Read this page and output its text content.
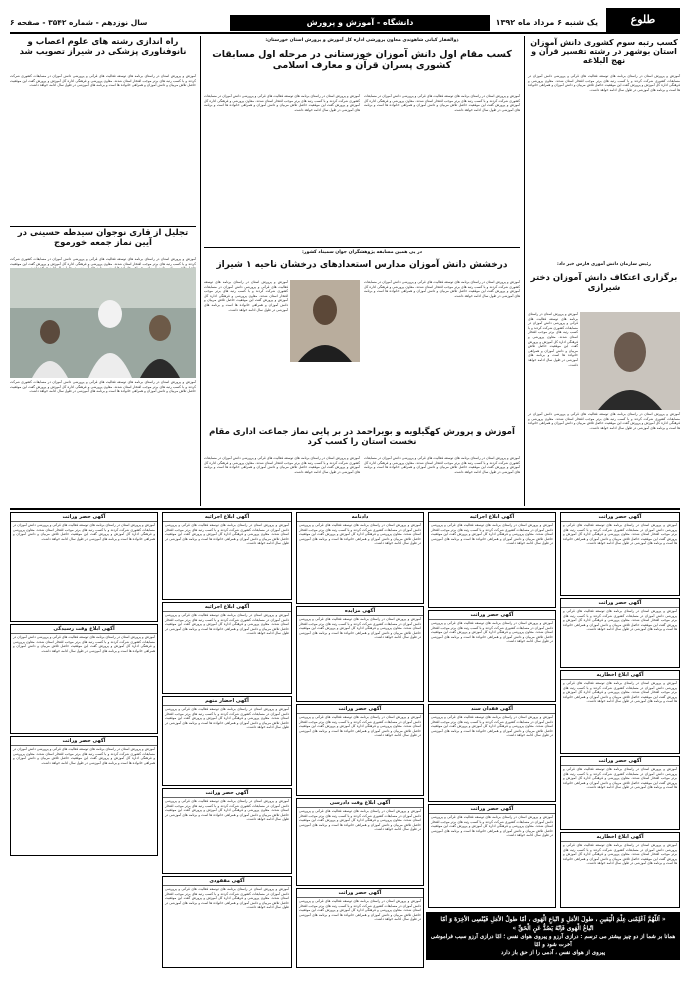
طلوع
یک شنبه ۶ مرداد ماه ۱۳۹۲
دانشگاه - آموزش و پرورش
سال نوزدهم - شماره ۳۵۴۲ - صفحه ۶
کسب رتبه سوم کشوری دانش آموزان استان بوشهر در رشته تفسیر قرآن و نهج البلاغه
آموزش و پرورش استان در راستای برنامه های توسعه فعالیت های قرآنی و پرورشی دانش آموزان در مسابقات کشوری شرکت کردند و با کسب رتبه های برتر موجب افتخار استان شدند. معاون پرورشی و فرهنگی اداره کل آموزش و پرورش گفت این موفقیت حاصل تلاش مربیان و دانش آموزان و همراهی خانواده ها است و برنامه های آموزشی در طول سال ادامه خواهد داشت.
رئیس سازمان دانش آموزی فارس خبر داد:
برگزاری اعتکاف دانش آموزان دختر شیرازی
آموزش و پرورش استان در راستای برنامه های توسعه فعالیت های قرآنی و پرورشی دانش آموزان در مسابقات کشوری شرکت کردند و با کسب رتبه های برتر موجب افتخار استان شدند. معاون پرورشی و فرهنگی اداره کل آموزش و پرورش گفت این موفقیت حاصل تلاش مربیان و دانش آموزان و همراهی خانواده ها است و برنامه های آموزشی در طول سال ادامه خواهد داشت.
آموزش و پرورش استان در راستای برنامه های توسعه فعالیت های قرآنی و پرورشی دانش آموزان در مسابقات کشوری شرکت کردند و با کسب رتبه های برتر موجب افتخار استان شدند. معاون پرورشی و فرهنگی اداره کل آموزش و پرورش گفت این موفقیت حاصل تلاش مربیان و دانش آموزان و همراهی خانواده ها است و برنامه های آموزشی در طول سال ادامه خواهد داشت.
ذوالفقار کیانی شاهوندی معاون پرورشی اداره کل آموزش و پرورش استان خوزستان:
کسب مقام اول دانش آموزان خوزستانی در مرحله اول مسابقات کشوری پسران قرآن و معارف اسلامی
آموزش و پرورش استان در راستای برنامه های توسعه فعالیت های قرآنی و پرورشی دانش آموزان در مسابقات کشوری شرکت کردند و با کسب رتبه های برتر موجب افتخار استان شدند. معاون پرورشی و فرهنگی اداره کل آموزش و پرورش گفت این موفقیت حاصل تلاش مربیان و دانش آموزان و همراهی خانواده ها است و برنامه های آموزشی در طول سال ادامه خواهد داشت.
آموزش و پرورش استان در راستای برنامه های توسعه فعالیت های قرآنی و پرورشی دانش آموزان در مسابقات کشوری شرکت کردند و با کسب رتبه های برتر موجب افتخار استان شدند. معاون پرورشی و فرهنگی اداره کل آموزش و پرورش گفت این موفقیت حاصل تلاش مربیان و دانش آموزان و همراهی خانواده ها است و برنامه های آموزشی در طول سال ادامه خواهد داشت.
در پی همین مسابقه پژوهشگران جوان سمیناد کشور:
درخشش دانش آموزان مدارس استعدادهای درخشان ناحیه ۱ شیراز
آموزش و پرورش استان در راستای برنامه های توسعه فعالیت های قرآنی و پرورشی دانش آموزان در مسابقات کشوری شرکت کردند و با کسب رتبه های برتر موجب افتخار استان شدند. معاون پرورشی و فرهنگی اداره کل آموزش و پرورش گفت این موفقیت حاصل تلاش مربیان و دانش آموزان و همراهی خانواده ها است و برنامه های آموزشی در طول سال ادامه خواهد داشت.
آموزش و پرورش استان در راستای برنامه های توسعه فعالیت های قرآنی و پرورشی دانش آموزان در مسابقات کشوری شرکت کردند و با کسب رتبه های برتر موجب افتخار استان شدند. معاون پرورشی و فرهنگی اداره کل آموزش و پرورش گفت این موفقیت حاصل تلاش مربیان و دانش آموزان و همراهی خانواده ها است و برنامه های آموزشی در طول سال ادامه خواهد داشت.
آموزش و پرورش کهگیلویه و بویراحمد در بر پایی نماز جماعت اداری مقام نخست استان را کسب کرد
آموزش و پرورش استان در راستای برنامه های توسعه فعالیت های قرآنی و پرورشی دانش آموزان در مسابقات کشوری شرکت کردند و با کسب رتبه های برتر موجب افتخار استان شدند. معاون پرورشی و فرهنگی اداره کل آموزش و پرورش گفت این موفقیت حاصل تلاش مربیان و دانش آموزان و همراهی خانواده ها است و برنامه های آموزشی در طول سال ادامه خواهد داشت.
آموزش و پرورش استان در راستای برنامه های توسعه فعالیت های قرآنی و پرورشی دانش آموزان در مسابقات کشوری شرکت کردند و با کسب رتبه های برتر موجب افتخار استان شدند. معاون پرورشی و فرهنگی اداره کل آموزش و پرورش گفت این موفقیت حاصل تلاش مربیان و دانش آموزان و همراهی خانواده ها است و برنامه های آموزشی در طول سال ادامه خواهد داشت.
راه اندازی رشته های علوم اعصاب و نانوفناوری پزشکی در شیراز تصویب شد
آموزش و پرورش استان در راستای برنامه های توسعه فعالیت های قرآنی و پرورشی دانش آموزان در مسابقات کشوری شرکت کردند و با کسب رتبه های برتر موجب افتخار استان شدند. معاون پرورشی و فرهنگی اداره کل آموزش و پرورش گفت این موفقیت حاصل تلاش مربیان و دانش آموزان و همراهی خانواده ها است و برنامه های آموزشی در طول سال ادامه خواهد داشت.
تجلیل از قاری نوجوان سیدطه حسینی در آیین نماز جمعه خورموج
آموزش و پرورش استان در راستای برنامه های توسعه فعالیت های قرآنی و پرورشی دانش آموزان در مسابقات کشوری شرکت کردند و با کسب رتبه های برتر موجب افتخار استان شدند. معاون پرورشی و فرهنگی اداره کل آموزش و پرورش گفت این موفقیت
آموزش و پرورش استان در راستای برنامه های توسعه فعالیت های قرآنی و پرورشی دانش آموزان در مسابقات کشوری شرکت کردند و با کسب رتبه های برتر موجب افتخار استان شدند. معاون پرورشی و فرهنگی اداره کل آموزش و پرورش گفت این موفقیت حاصل تلاش مربیان و دانش آموزان و همراهی خانواده ها است و برنامه های آموزشی در طول سال ادامه خواهد داشت.
آگهی حصر وراثت
آموزش و پرورش استان در راستای برنامه های توسعه فعالیت های قرآنی و پرورشی دانش آموزان در مسابقات کشوری شرکت کردند و با کسب رتبه های برتر موجب افتخار استان شدند. معاون پرورشی و فرهنگی اداره کل آموزش و پرورش گفت این موفقیت حاصل تلاش مربیان و دانش آموزان و همراهی خانواده ها است و برنامه های آموزشی در طول سال ادامه خواهد داشت.
آگهی حصر وراثت
آموزش و پرورش استان در راستای برنامه های توسعه فعالیت های قرآنی و پرورشی دانش آموزان در مسابقات کشوری شرکت کردند و با کسب رتبه های برتر موجب افتخار استان شدند. معاون پرورشی و فرهنگی اداره کل آموزش و پرورش گفت این موفقیت حاصل تلاش مربیان و دانش آموزان و همراهی خانواده ها است و برنامه های آموزشی در طول سال ادامه خواهد داشت.
آگهی ابلاغ اخطاریه
آموزش و پرورش استان در راستای برنامه های توسعه فعالیت های قرآنی و پرورشی دانش آموزان در مسابقات کشوری شرکت کردند و با کسب رتبه های برتر موجب افتخار استان شدند. معاون پرورشی و فرهنگی اداره کل آموزش و پرورش گفت این موفقیت حاصل تلاش مربیان و دانش آموزان و همراهی خانواده ها است و برنامه های آموزشی در طول سال ادامه خواهد داشت.
آگهی حصر وراثت
آموزش و پرورش استان در راستای برنامه های توسعه فعالیت های قرآنی و پرورشی دانش آموزان در مسابقات کشوری شرکت کردند و با کسب رتبه های برتر موجب افتخار استان شدند. معاون پرورشی و فرهنگی اداره کل آموزش و پرورش گفت این موفقیت حاصل تلاش مربیان و دانش آموزان و همراهی خانواده ها است و برنامه های آموزشی در طول سال ادامه خواهد داشت.
آگهی ابلاغ اخطاریه
آموزش و پرورش استان در راستای برنامه های توسعه فعالیت های قرآنی و پرورشی دانش آموزان در مسابقات کشوری شرکت کردند و با کسب رتبه های برتر موجب افتخار استان شدند. معاون پرورشی و فرهنگی اداره کل آموزش و پرورش گفت این موفقیت حاصل تلاش مربیان و دانش آموزان و همراهی خانواده ها است و برنامه های آموزشی در طول سال ادامه خواهد داشت.
آگهی ابلاغ اجرائیه
آموزش و پرورش استان در راستای برنامه های توسعه فعالیت های قرآنی و پرورشی دانش آموزان در مسابقات کشوری شرکت کردند و با کسب رتبه های برتر موجب افتخار استان شدند. معاون پرورشی و فرهنگی اداره کل آموزش و پرورش گفت این موفقیت حاصل تلاش مربیان و دانش آموزان و همراهی خانواده ها است و برنامه های آموزشی در طول سال ادامه خواهد داشت.
آگهی حصر وراثت
آموزش و پرورش استان در راستای برنامه های توسعه فعالیت های قرآنی و پرورشی دانش آموزان در مسابقات کشوری شرکت کردند و با کسب رتبه های برتر موجب افتخار استان شدند. معاون پرورشی و فرهنگی اداره کل آموزش و پرورش گفت این موفقیت حاصل تلاش مربیان و دانش آموزان و همراهی خانواده ها است و برنامه های آموزشی در طول سال ادامه خواهد داشت.
آگهی فقدان سند
آموزش و پرورش استان در راستای برنامه های توسعه فعالیت های قرآنی و پرورشی دانش آموزان در مسابقات کشوری شرکت کردند و با کسب رتبه های برتر موجب افتخار استان شدند. معاون پرورشی و فرهنگی اداره کل آموزش و پرورش گفت این موفقیت حاصل تلاش مربیان و دانش آموزان و همراهی خانواده ها است و برنامه های آموزشی در طول سال ادامه خواهد داشت.
آگهی حصر وراثت
آموزش و پرورش استان در راستای برنامه های توسعه فعالیت های قرآنی و پرورشی دانش آموزان در مسابقات کشوری شرکت کردند و با کسب رتبه های برتر موجب افتخار استان شدند. معاون پرورشی و فرهنگی اداره کل آموزش و پرورش گفت این موفقیت حاصل تلاش مربیان و دانش آموزان و همراهی خانواده ها است و برنامه های آموزشی در طول سال ادامه خواهد داشت.
دادنامه
آموزش و پرورش استان در راستای برنامه های توسعه فعالیت های قرآنی و پرورشی دانش آموزان در مسابقات کشوری شرکت کردند و با کسب رتبه های برتر موجب افتخار استان شدند. معاون پرورشی و فرهنگی اداره کل آموزش و پرورش گفت این موفقیت حاصل تلاش مربیان و دانش آموزان و همراهی خانواده ها است و برنامه های آموزشی در طول سال ادامه خواهد داشت.
آگهی مزایده
آموزش و پرورش استان در راستای برنامه های توسعه فعالیت های قرآنی و پرورشی دانش آموزان در مسابقات کشوری شرکت کردند و با کسب رتبه های برتر موجب افتخار استان شدند. معاون پرورشی و فرهنگی اداره کل آموزش و پرورش گفت این موفقیت حاصل تلاش مربیان و دانش آموزان و همراهی خانواده ها است و برنامه های آموزشی در طول سال ادامه خواهد داشت.
آگهی حصر وراثت
آموزش و پرورش استان در راستای برنامه های توسعه فعالیت های قرآنی و پرورشی دانش آموزان در مسابقات کشوری شرکت کردند و با کسب رتبه های برتر موجب افتخار استان شدند. معاون پرورشی و فرهنگی اداره کل آموزش و پرورش گفت این موفقیت حاصل تلاش مربیان و دانش آموزان و همراهی خانواده ها است و برنامه های آموزشی در طول سال ادامه خواهد داشت.
آگهی ابلاغ وقت دادرسی
آموزش و پرورش استان در راستای برنامه های توسعه فعالیت های قرآنی و پرورشی دانش آموزان در مسابقات کشوری شرکت کردند و با کسب رتبه های برتر موجب افتخار استان شدند. معاون پرورشی و فرهنگی اداره کل آموزش و پرورش گفت این موفقیت حاصل تلاش مربیان و دانش آموزان و همراهی خانواده ها است و برنامه های آموزشی در طول سال ادامه خواهد داشت.
آگهی حصر وراثت
آموزش و پرورش استان در راستای برنامه های توسعه فعالیت های قرآنی و پرورشی دانش آموزان در مسابقات کشوری شرکت کردند و با کسب رتبه های برتر موجب افتخار استان شدند. معاون پرورشی و فرهنگی اداره کل آموزش و پرورش گفت این موفقیت حاصل تلاش مربیان و دانش آموزان و همراهی خانواده ها است و برنامه های آموزشی در طول سال ادامه خواهد داشت.
آگهی ابلاغ اجرائیه
آموزش و پرورش استان در راستای برنامه های توسعه فعالیت های قرآنی و پرورشی دانش آموزان در مسابقات کشوری شرکت کردند و با کسب رتبه های برتر موجب افتخار استان شدند. معاون پرورشی و فرهنگی اداره کل آموزش و پرورش گفت این موفقیت حاصل تلاش مربیان و دانش آموزان و همراهی خانواده ها است و برنامه های آموزشی در طول سال ادامه خواهد داشت.
آگهی ابلاغ اجرائیه
آموزش و پرورش استان در راستای برنامه های توسعه فعالیت های قرآنی و پرورشی دانش آموزان در مسابقات کشوری شرکت کردند و با کسب رتبه های برتر موجب افتخار استان شدند. معاون پرورشی و فرهنگی اداره کل آموزش و پرورش گفت این موفقیت حاصل تلاش مربیان و دانش آموزان و همراهی خانواده ها است و برنامه های آموزشی در طول سال ادامه خواهد داشت.
آگهی احضار متهم
آموزش و پرورش استان در راستای برنامه های توسعه فعالیت های قرآنی و پرورشی دانش آموزان در مسابقات کشوری شرکت کردند و با کسب رتبه های برتر موجب افتخار استان شدند. معاون پرورشی و فرهنگی اداره کل آموزش و پرورش گفت این موفقیت حاصل تلاش مربیان و دانش آموزان و همراهی خانواده ها است و برنامه های آموزشی در طول سال ادامه خواهد داشت.
آگهی حصر وراثت
آموزش و پرورش استان در راستای برنامه های توسعه فعالیت های قرآنی و پرورشی دانش آموزان در مسابقات کشوری شرکت کردند و با کسب رتبه های برتر موجب افتخار استان شدند. معاون پرورشی و فرهنگی اداره کل آموزش و پرورش گفت این موفقیت حاصل تلاش مربیان و دانش آموزان و همراهی خانواده ها است و برنامه های آموزشی در طول سال ادامه خواهد داشت.
آگهی مفقودی
آموزش و پرورش استان در راستای برنامه های توسعه فعالیت های قرآنی و پرورشی دانش آموزان در مسابقات کشوری شرکت کردند و با کسب رتبه های برتر موجب افتخار استان شدند. معاون پرورشی و فرهنگی اداره کل آموزش و پرورش گفت این موفقیت حاصل تلاش مربیان و دانش آموزان و همراهی خانواده ها است و برنامه های آموزشی در طول سال ادامه خواهد داشت.
آگهی حصر وراثت
آموزش و پرورش استان در راستای برنامه های توسعه فعالیت های قرآنی و پرورشی دانش آموزان در مسابقات کشوری شرکت کردند و با کسب رتبه های برتر موجب افتخار استان شدند. معاون پرورشی و فرهنگی اداره کل آموزش و پرورش گفت این موفقیت حاصل تلاش مربیان و دانش آموزان و همراهی خانواده ها است و برنامه های آموزشی در طول سال ادامه خواهد داشت.
آگهی ابلاغ وقت رسیدگی
آموزش و پرورش استان در راستای برنامه های توسعه فعالیت های قرآنی و پرورشی دانش آموزان در مسابقات کشوری شرکت کردند و با کسب رتبه های برتر موجب افتخار استان شدند. معاون پرورشی و فرهنگی اداره کل آموزش و پرورش گفت این موفقیت حاصل تلاش مربیان و دانش آموزان و همراهی خانواده ها است و برنامه های آموزشی در طول سال ادامه خواهد داشت.
آگهی حصر وراثت
آموزش و پرورش استان در راستای برنامه های توسعه فعالیت های قرآنی و پرورشی دانش آموزان در مسابقات کشوری شرکت کردند و با کسب رتبه های برتر موجب افتخار استان شدند. معاون پرورشی و فرهنگی اداره کل آموزش و پرورش گفت این موفقیت حاصل تلاش مربیان و دانش آموزان و همراهی خانواده ها است و برنامه های آموزشی در طول سال ادامه خواهد داشت.
« اَللّهُمَّ اَعْلِمْنی عِلْمَ الْیَقینِ ، طولَ الأمَلِ وَ اتّباعِ الْهَوی ، أمّا طولُ الأمَلِ فَیُنْسِی الأخِرَةَ وَ أمّا
اتّباعُ الْهَوی فَاِنّهُ یَصُدُّ عَنِ الْحَقِّ »
همانا بر شما از دو چیز بیشتر می ترسم : درازی آرزو و پیروی هوای نفس ؛ امّا درازی آرزو سبب فراموشی آخرت شود و امّا
پیروی از هوای نفس ، آدمی را از حق باز دارد
